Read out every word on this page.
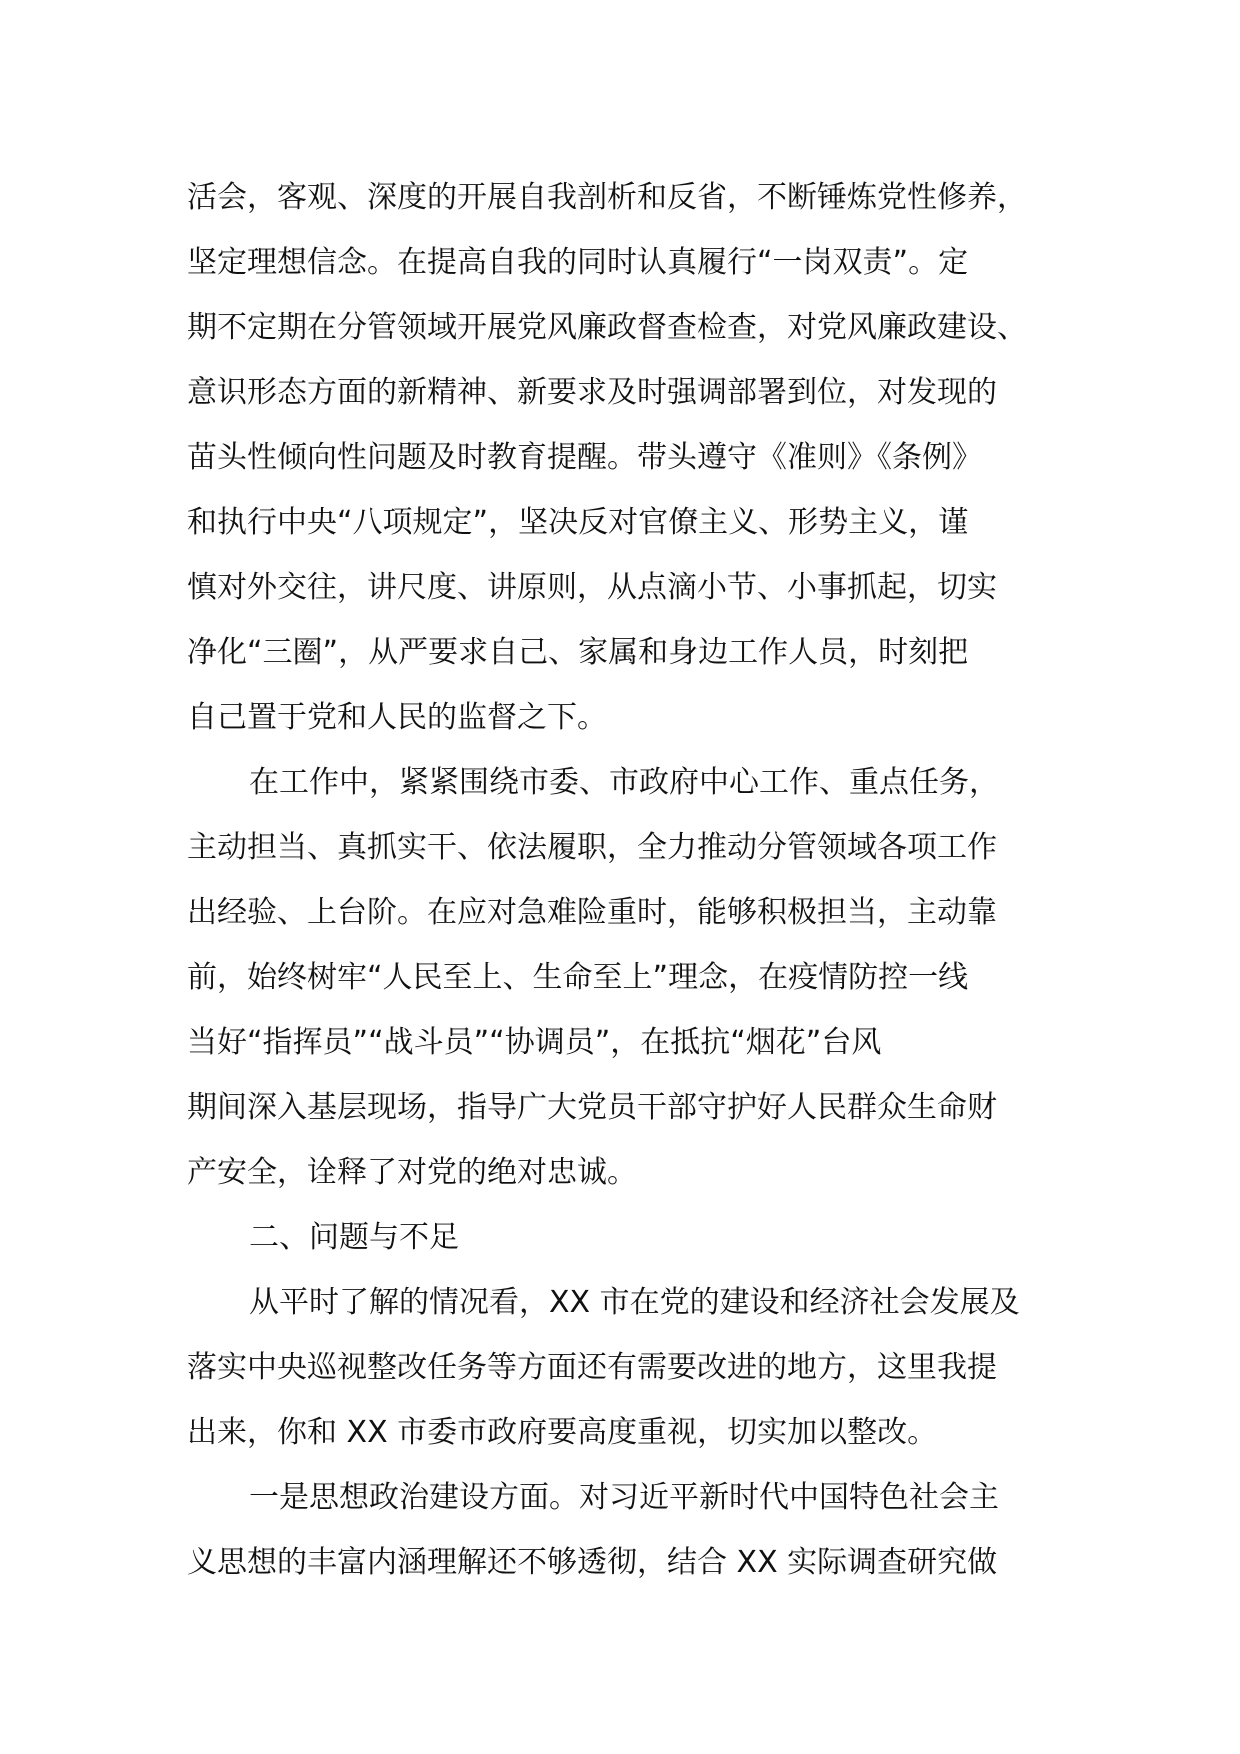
活会，客观、深度的开展自我剖析和反省，不断锤炼党性修养，
坚定理想信念。在提高自我的同时认真履行“一岗双责”。定
期不定期在分管领域开展党风廉政督查检查，对党风廉政建设、
意识形态方面的新精神、新要求及时强调部署到位，对发现的
苗头性倾向性问题及时教育提醒。带头遵守《准则》《条例》
和执行中央“八项规定”，坚决反对官僚主义、形势主义，谨
慎对外交往，讲尺度、讲原则，从点滴小节、小事抓起，切实
净化“三圈”，从严要求自己、家属和身边工作人员，时刻把
自己置于党和人民的监督之下。
在工作中，紧紧围绕市委、市政府中心工作、重点任务，
主动担当、真抓实干、依法履职，全力推动分管领域各项工作
出经验、上台阶。在应对急难险重时，能够积极担当，主动靠
前，始终树牢“人民至上、生命至上”理念，在疫情防控一线
当好“指挥员”“战斗员”“协调员”，在抵抗“烟花”台风
期间深入基层现场，指导广大党员干部守护好人民群众生命财
产安全，诠释了对党的绝对忠诚。
二、问题与不足
从平时了解的情况看，XX 市在党的建设和经济社会发展及
落实中央巡视整改任务等方面还有需要改进的地方，这里我提
出来，你和 XX 市委市政府要高度重视，切实加以整改。
一是思想政治建设方面。对习近平新时代中国特色社会主
义思想的丰富内涵理解还不够透彻，结合 XX 实际调查研究做
